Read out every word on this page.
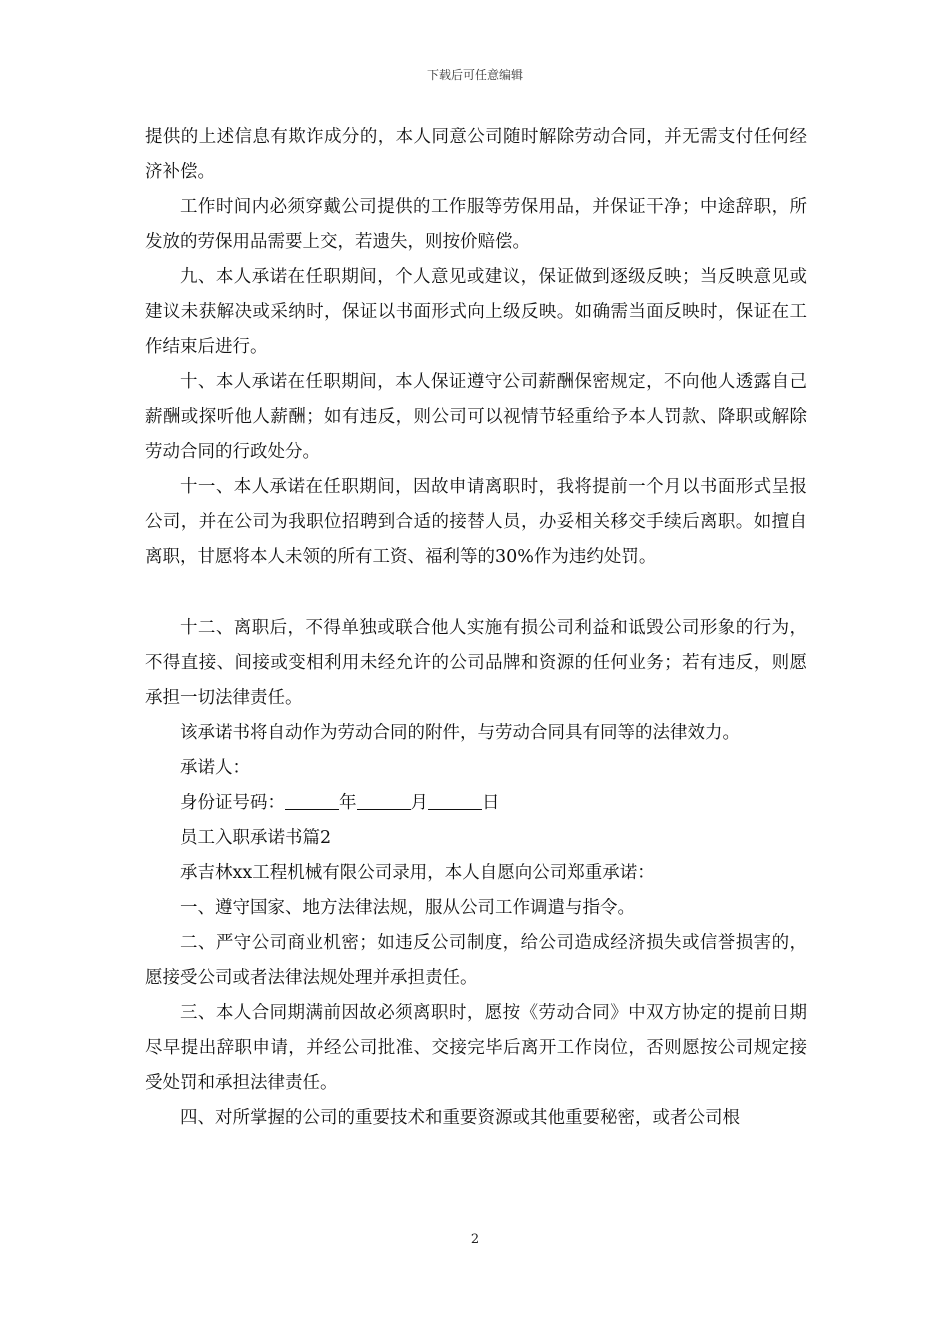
下载后可任意编辑

提供的上述信息有欺诈成分的，本人同意公司随时解除劳动合同，并无需支付任何经济补偿。

工作时间内必须穿戴公司提供的工作服等劳保用品，并保证干净；中途辞职，所发放的劳保用品需要上交，若遗失，则按价赔偿。

九、本人承诺在任职期间，个人意见或建议，保证做到逐级反映；当反映意见或建议未获解决或采纳时，保证以书面形式向上级反映。如确需当面反映时，保证在工作结束后进行。

十、本人承诺在任职期间，本人保证遵守公司薪酬保密规定，不向他人透露自己薪酬或探听他人薪酬；如有违反，则公司可以视情节轻重给予本人罚款、降职或解除劳动合同的行政处分。

十一、本人承诺在任职期间，因故申请离职时，我将提前一个月以书面形式呈报公司，并在公司为我职位招聘到合适的接替人员，办妥相关移交手续后离职。如擅自离职，甘愿将本人未领的所有工资、福利等的30%作为违约处罚。

十二、离职后，不得单独或联合他人实施有损公司利益和诋毁公司形象的行为，不得直接、间接或变相利用未经允许的公司品牌和资源的任何业务；若有违反，则愿承担一切法律责任。

该承诺书将自动作为劳动合同的附件，与劳动合同具有同等的法律效力。

承诺人：

身份证号码：	年	月	日

员工入职承诺书篇2

承吉林xx工程机械有限公司录用，本人自愿向公司郑重承诺：

一、遵守国家、地方法律法规，服从公司工作调遣与指令。

二、严守公司商业机密；如违反公司制度，给公司造成经济损失或信誉损害的，愿接受公司或者法律法规处理并承担责任。

三、本人合同期满前因故必须离职时，愿按《劳动合同》中双方协定的提前日期尽早提出辞职申请，并经公司批准、交接完毕后离开工作岗位，否则愿按公司规定接受处罚和承担法律责任。

四、对所掌握的公司的重要技术和重要资源或其他重要秘密，或者公司根

2
